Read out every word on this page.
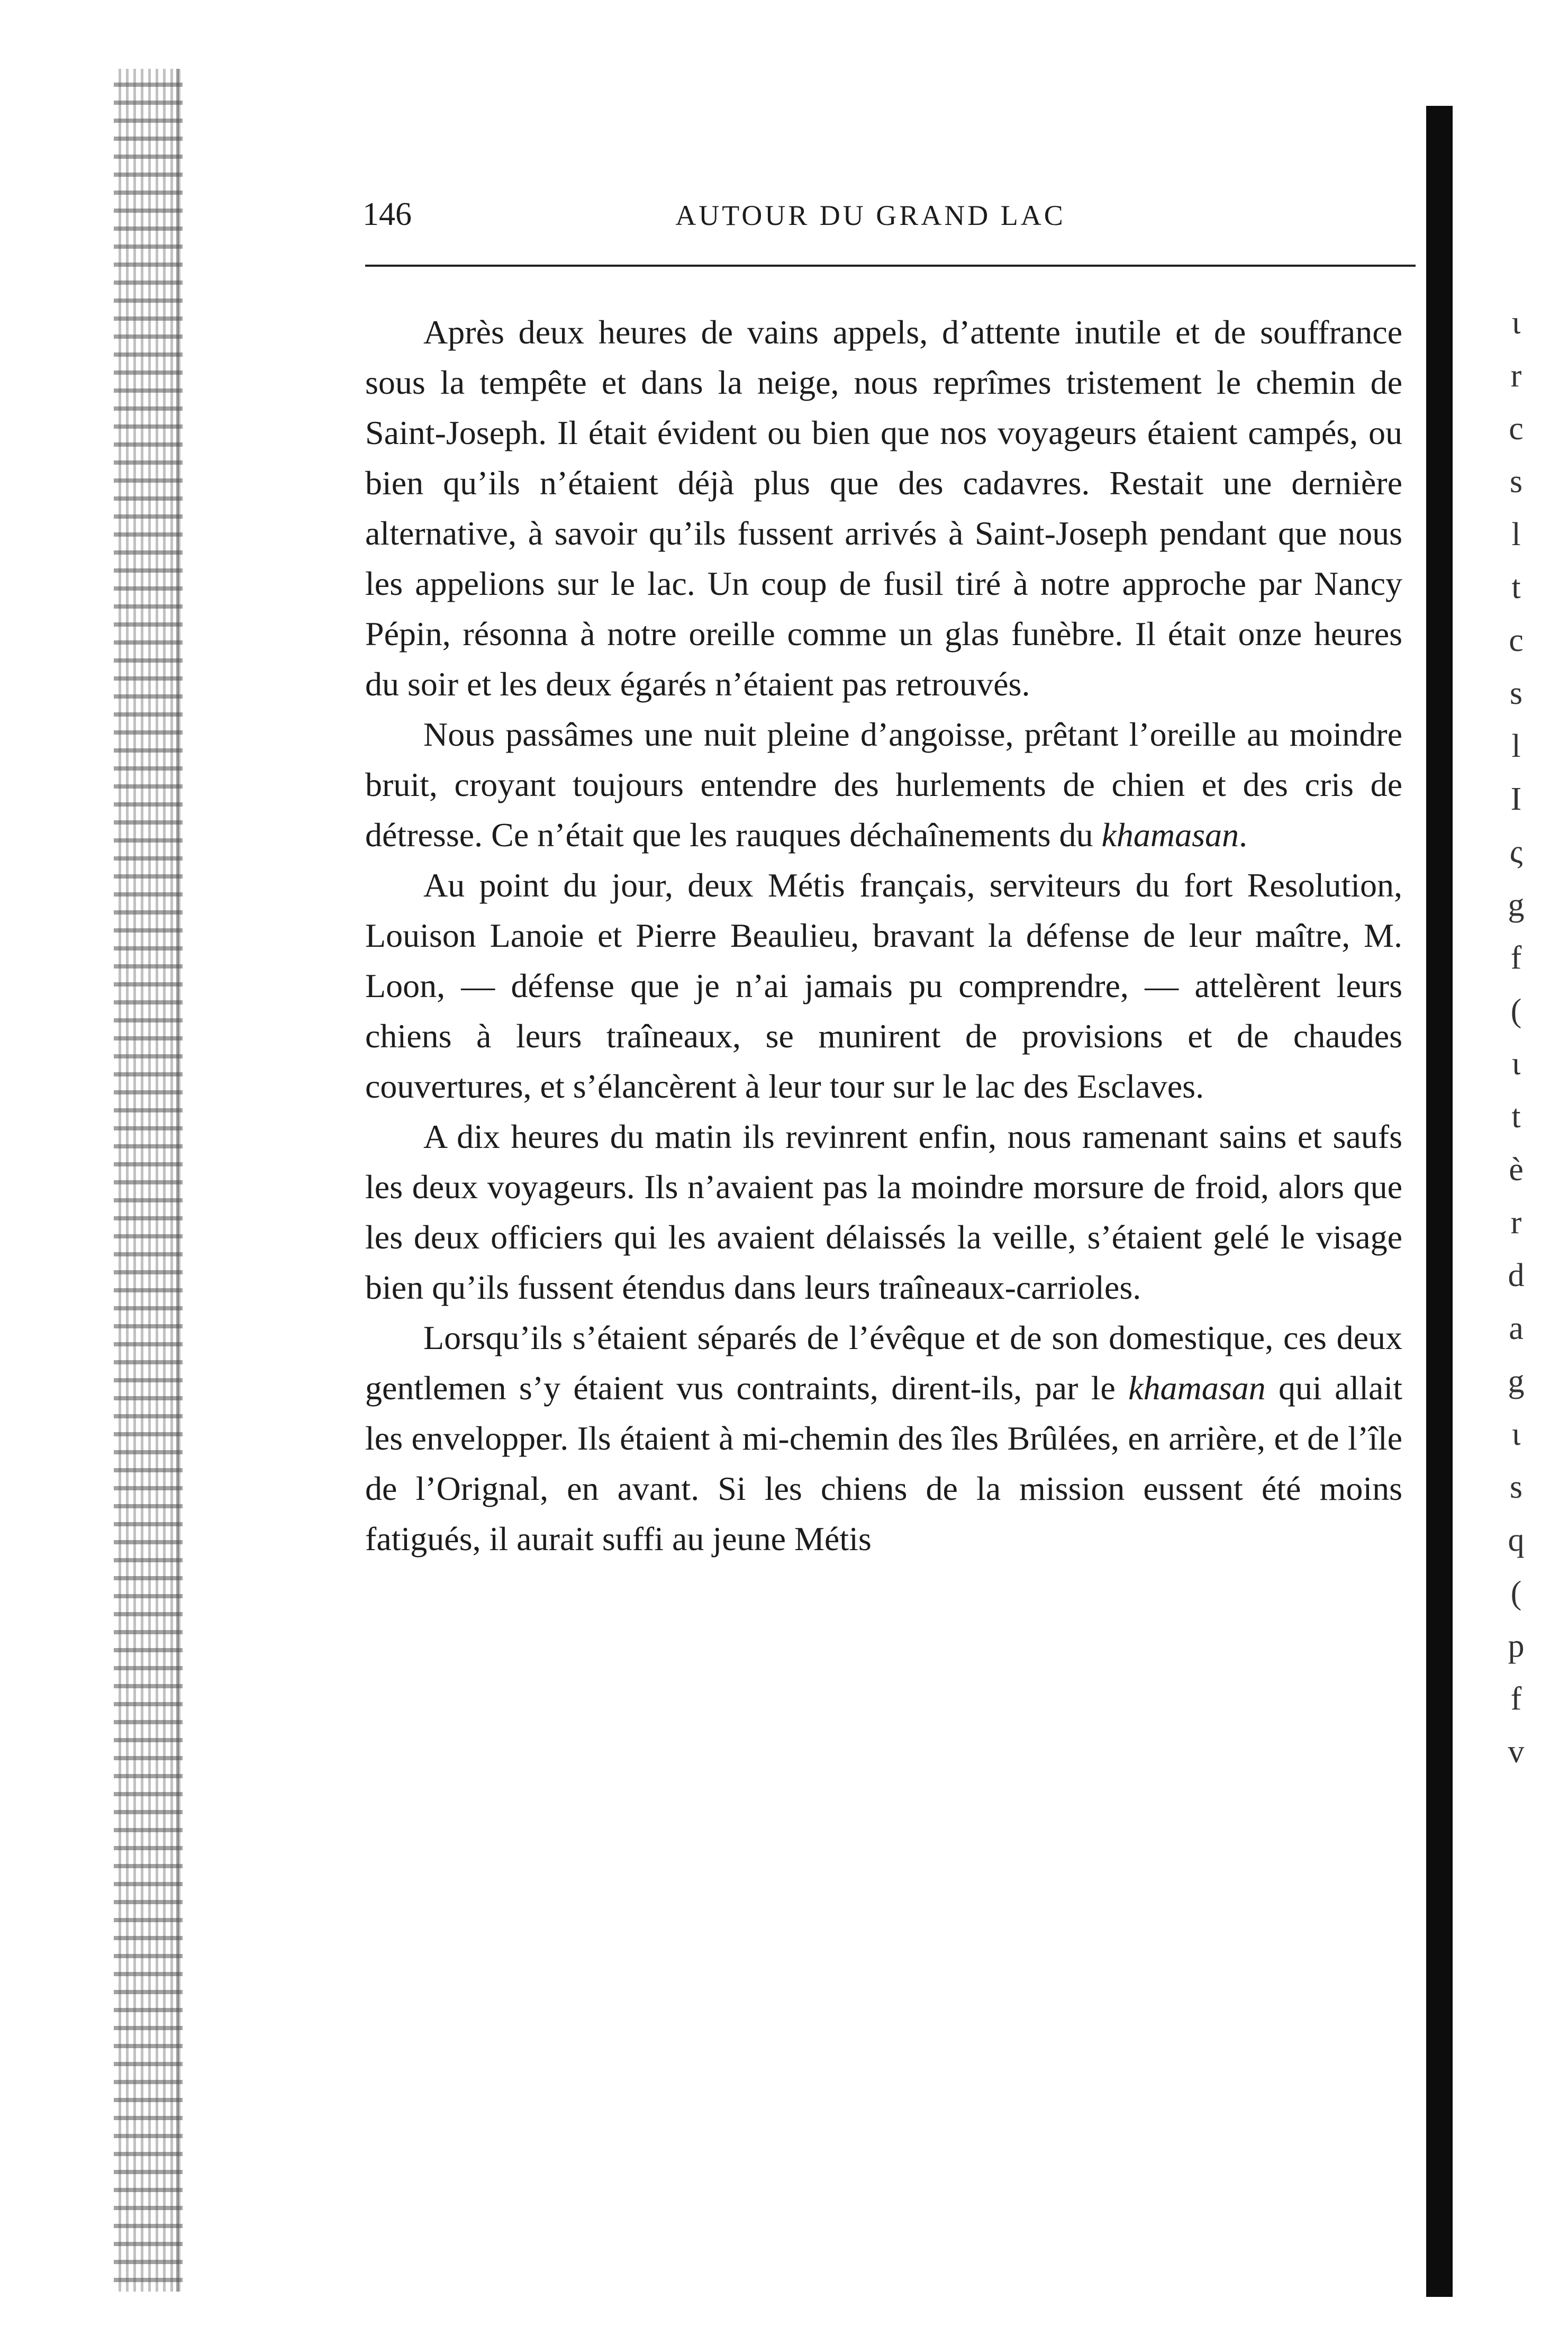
146	AUTOUR DU GRAND LAC

Après deux heures de vains appels, d’attente inutile et de souffrance sous la tempête et dans la neige, nous reprîmes tristement le chemin de Saint-Joseph. Il était évident ou bien que nos voyageurs étaient campés, ou bien qu’ils n’étaient déjà plus que des cadavres. Restait une dernière alternative, à savoir qu’ils fussent arrivés à Saint-Joseph pendant que nous les appelions sur le lac. Un coup de fusil tiré à notre approche par Nancy Pépin, résonna à notre oreille comme un glas funèbre. Il était onze heures du soir et les deux égarés n’étaient pas retrouvés.

Nous passâmes une nuit pleine d’angoisse, prêtant l’oreille au moindre bruit, croyant toujours entendre des hurlements de chien et des cris de détresse. Ce n’était que les rauques déchaînements du khamasan.

Au point du jour, deux Métis français, serviteurs du fort Resolution, Louison Lanoie et Pierre Beaulieu, bravant la défense de leur maître, M. Loon, — défense que je n’ai jamais pu comprendre, — attelèrent leurs chiens à leurs traîneaux, se munirent de provisions et de chaudes couvertures, et s’élancèrent à leur tour sur le lac des Esclaves.

A dix heures du matin ils revinrent enfin, nous ramenant sains et saufs les deux voyageurs. Ils n’avaient pas la moindre morsure de froid, alors que les deux officiers qui les avaient délaissés la veille, s’étaient gelé le visage bien qu’ils fussent étendus dans leurs traîneaux-carrioles.

Lorsqu’ils s’étaient séparés de l’évêque et de son domestique, ces deux gentlemen s’y étaient vus contraints, dirent-ils, par le khamasan qui allait les envelopper. Ils étaient à mi-chemin des îles Brûlées, en arrière, et de l’île de l’Orignal, en avant. Si les chiens de la mission eussent été moins fatigués, il aurait suffi au jeune Métis

ι
r
c
s
l
t
c
s
l
I
ς
g
f
(
ι
t
è
r
d
a
g
ι
s
q
(
p
f
v
